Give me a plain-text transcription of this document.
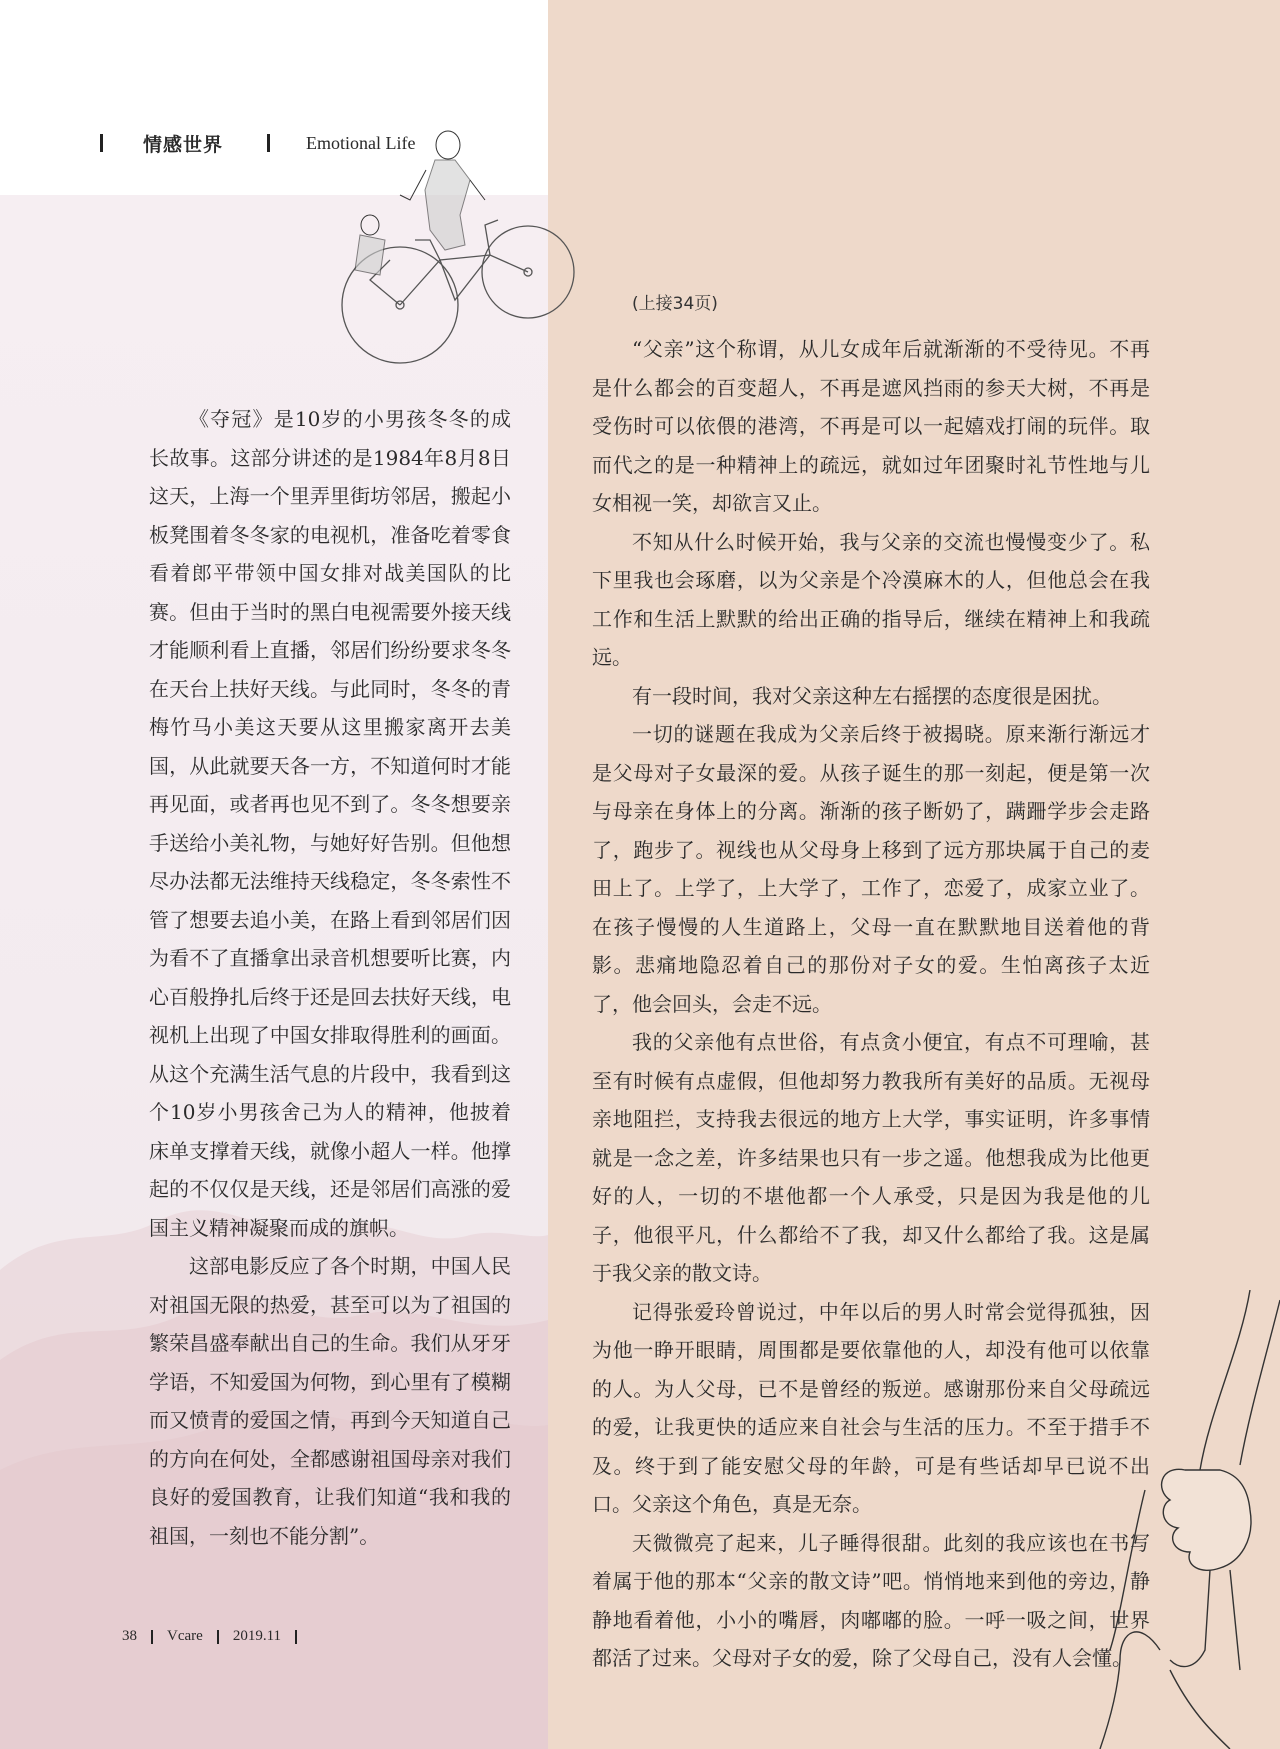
情感世界	Emotional Life
(上接34页)

《夺冠》是10岁的小男孩冬冬的成长故事。这部分讲述的是1984年8月8日这天，上海一个里弄里街坊邻居，搬起小板凳围着冬冬家的电视机，准备吃着零食看着郎平带领中国女排对战美国队的比赛。但由于当时的黑白电视需要外接天线才能顺利看上直播，邻居们纷纷要求冬冬在天台上扶好天线。与此同时，冬冬的青梅竹马小美这天要从这里搬家离开去美国，从此就要天各一方，不知道何时才能再见面，或者再也见不到了。冬冬想要亲手送给小美礼物，与她好好告别。但他想尽办法都无法维持天线稳定，冬冬索性不管了想要去追小美，在路上看到邻居们因为看不了直播拿出录音机想要听比赛，内心百般挣扎后终于还是回去扶好天线，电视机上出现了中国女排取得胜利的画面。从这个充满生活气息的片段中，我看到这个10岁小男孩舍己为人的精神，他披着床单支撑着天线，就像小超人一样。他撑起的不仅仅是天线，还是邻居们高涨的爱国主义精神凝聚而成的旗帜。

这部电影反应了各个时期，中国人民对祖国无限的热爱，甚至可以为了祖国的繁荣昌盛奉献出自己的生命。我们从牙牙学语，不知爱国为何物，到心里有了模糊而又愤青的爱国之情，再到今天知道自己的方向在何处，全都感谢祖国母亲对我们良好的爱国教育，让我们知道“我和我的祖国，一刻也不能分割”。

“父亲”这个称谓，从儿女成年后就渐渐的不受待见。不再是什么都会的百变超人，不再是遮风挡雨的参天大树，不再是受伤时可以依偎的港湾，不再是可以一起嬉戏打闹的玩伴。取而代之的是一种精神上的疏远，就如过年团聚时礼节性地与儿女相视一笑，却欲言又止。

不知从什么时候开始，我与父亲的交流也慢慢变少了。私下里我也会琢磨，以为父亲是个冷漠麻木的人，但他总会在我工作和生活上默默的给出正确的指导后，继续在精神上和我疏远。

有一段时间，我对父亲这种左右摇摆的态度很是困扰。

一切的谜题在我成为父亲后终于被揭晓。原来渐行渐远才是父母对子女最深的爱。从孩子诞生的那一刻起，便是第一次与母亲在身体上的分离。渐渐的孩子断奶了，蹒跚学步会走路了，跑步了。视线也从父母身上移到了远方那块属于自己的麦田上了。上学了，上大学了，工作了，恋爱了，成家立业了。在孩子慢慢的人生道路上，父母一直在默默地目送着他的背影。悲痛地隐忍着自己的那份对子女的爱。生怕离孩子太近了，他会回头，会走不远。

我的父亲他有点世俗，有点贪小便宜，有点不可理喻，甚至有时候有点虚假，但他却努力教我所有美好的品质。无视母亲地阻拦，支持我去很远的地方上大学，事实证明，许多事情就是一念之差，许多结果也只有一步之遥。他想我成为比他更好的人，一切的不堪他都一个人承受，只是因为我是他的儿子，他很平凡，什么都给不了我，却又什么都给了我。这是属于我父亲的散文诗。

记得张爱玲曾说过，中年以后的男人时常会觉得孤独，因为他一睁开眼睛，周围都是要依靠他的人，却没有他可以依靠的人。为人父母，已不是曾经的叛逆。感谢那份来自父母疏远的爱，让我更快的适应来自社会与生活的压力。不至于措手不及。终于到了能安慰父母的年龄，可是有些话却早已说不出口。父亲这个角色，真是无奈。

天微微亮了起来，儿子睡得很甜。此刻的我应该也在书写着属于他的那本“父亲的散文诗”吧。悄悄地来到他的旁边，静静地看着他，小小的嘴唇，肉嘟嘟的脸。一呼一吸之间，世界都活了过来。父母对子女的爱，除了父母自己，没有人会懂。

38 Vcare 2019.11
